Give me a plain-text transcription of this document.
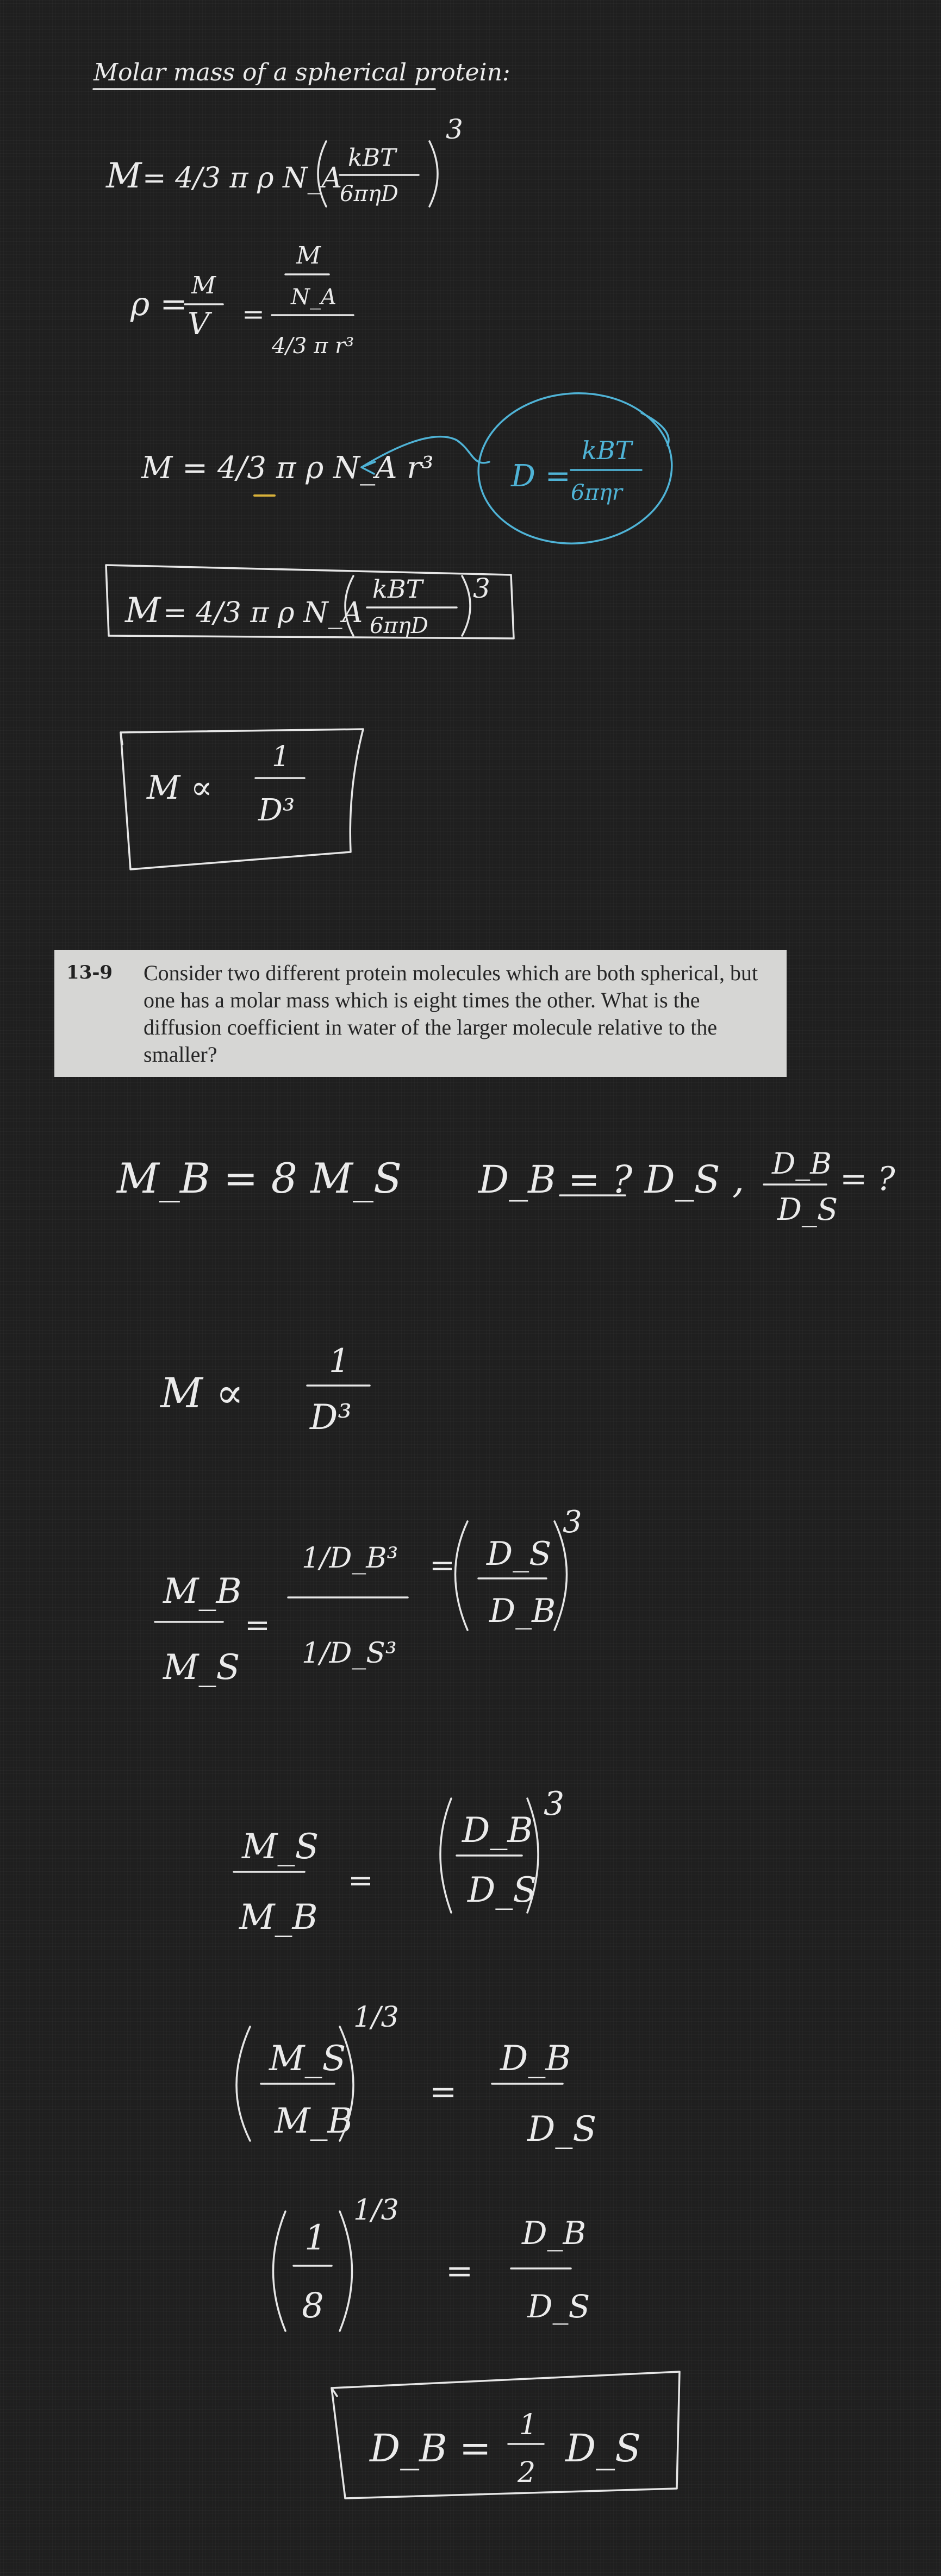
Molar mass of a spherical protein:
M = 4/3 π ρ N_A
kBT
6πηD
3
ρ = M
V =
M
N_A
4/3 π r³
M = 4/3 π ρ N_A r³	D =
kBT
6πηr
M = 4/3 π ρ N_A
kBT
6πηD
3
M ∝
1
D³
M_B = 8 M_S D_B = ? D_S , D_B
D_S
= ?
M ∝
1
D³
M_B
M_S
=
1/D_B³
1/D_S³
= D_S
D_B
3
M_S
M_B
=
D_B
D_S
3
M_S
M_B
1/3
=
D_B
D_S
1
8
1/3
=
D_B
D_S
D_B =
1
2
D_S
13-9	Consider two different protein molecules which are both spherical, but one has a molar mass which is eight times the other. What is the diffusion coefficient in water of the larger molecule relative to the smaller?
